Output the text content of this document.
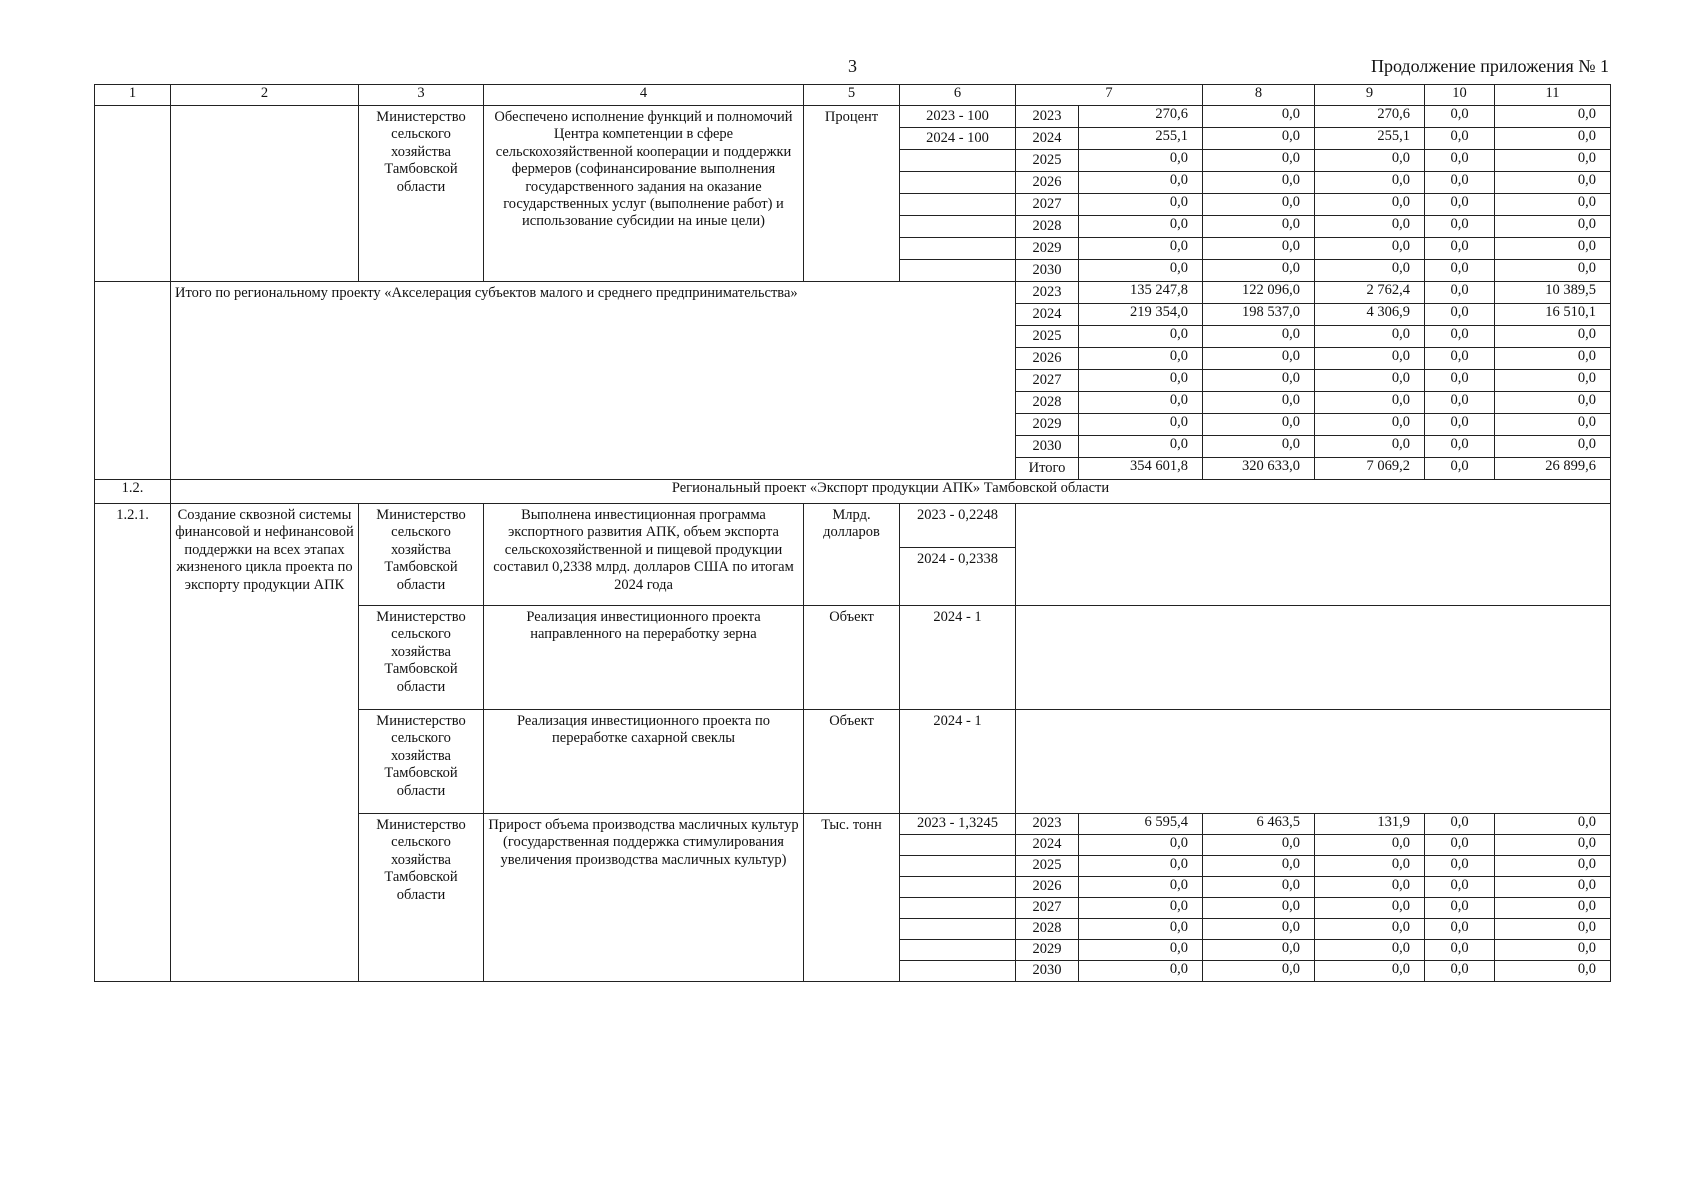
3	Продолжение приложения № 1
1	2	3	4	5	6	7		8	9	10	11
		Министерство сельского хозяйства Тамбовской области	Обеспечено исполнение функций и полномочий Центра компетенции в сфере сельскохозяйственной кооперации и поддержки фермеров (софинансирование выполнения государственного задания на оказание государственных услуг (выполнение работ) и использование субсидии на иные цели)	Процент	2023 - 100	2023	270,6	0,0	270,6	0,0	0,0
					2024 - 100	2024	255,1	0,0	255,1	0,0	0,0
						2025	0,0	0,0	0,0	0,0	0,0
						2026	0,0	0,0	0,0	0,0	0,0
						2027	0,0	0,0	0,0	0,0	0,0
						2028	0,0	0,0	0,0	0,0	0,0
						2029	0,0	0,0	0,0	0,0	0,0
						2030	0,0	0,0	0,0	0,0	0,0
	Итого по региональному проекту «Акселерация субъектов малого и среднего предпринимательства»					2023	135 247,8	122 096,0	2 762,4	0,0	10 389,5
						2024	219 354,0	198 537,0	4 306,9	0,0	16 510,1
						2025	0,0	0,0	0,0	0,0	0,0
						2026	0,0	0,0	0,0	0,0	0,0
						2027	0,0	0,0	0,0	0,0	0,0
						2028	0,0	0,0	0,0	0,0	0,0
						2029	0,0	0,0	0,0	0,0	0,0
						2030	0,0	0,0	0,0	0,0	0,0
						Итого	354 601,8	320 633,0	7 069,2	0,0	26 899,6
1.2.	Региональный проект «Экспорт продукции АПК» Тамбовской области										
1.2.1.	Создание сквозной системы финансовой и нефинансовой поддержки на всех этапах жизненого цикла проекта по экспорту продукции АПК	Министерство сельского хозяйства Тамбовской области	Выполнена инвестиционная программа экспортного развития АПК, объем экспорта сельскохозяйственной и пищевой продукции составил 0,2338 млрд. долларов США по итогам 2024 года	Млрд. долларов	2023 - 0,2248						
					2024 - 0,2338						
		Министерство сельского хозяйства Тамбовской области	Реализация инвестиционного проекта направленного на переработку зерна	Объект	2024 - 1						
		Министерство сельского хозяйства Тамбовской области	Реализация инвестиционного проекта по переработке сахарной свеклы	Объект	2024 - 1						
		Министерство сельского хозяйства Тамбовской области	Прирост объема производства масличных культур (государственная поддержка стимулирования увеличения производства масличных культур)	Тыс. тонн	2023 - 1,3245	2023	6 595,4	6 463,5	131,9	0,0	0,0
						2024	0,0	0,0	0,0	0,0	0,0
						2025	0,0	0,0	0,0	0,0	0,0
						2026	0,0	0,0	0,0	0,0	0,0
						2027	0,0	0,0	0,0	0,0	0,0
						2028	0,0	0,0	0,0	0,0	0,0
						2029	0,0	0,0	0,0	0,0	0,0
						2030	0,0	0,0	0,0	0,0	0,0
